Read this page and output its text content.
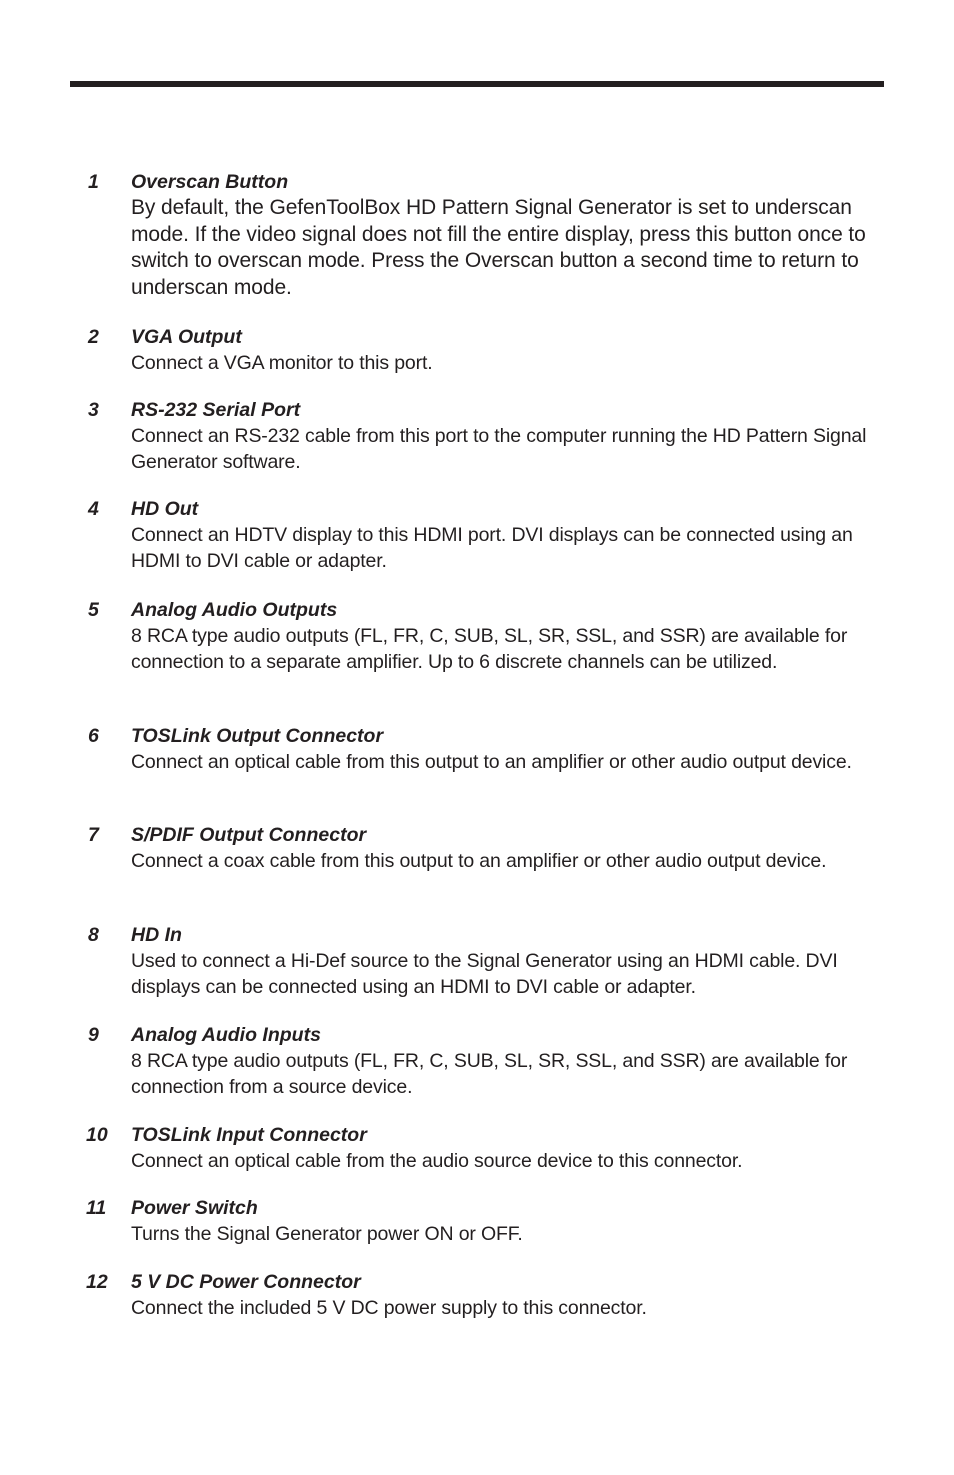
1 Overscan Button
By default, the GefenToolBox HD Pattern Signal Generator is set to underscan mode. If the video signal does not fill the entire display, press this button once to switch to overscan mode. Press the Overscan button a second time to return to underscan mode.
2 VGA Output
Connect a VGA monitor to this port.
3 RS-232 Serial Port
Connect an RS-232 cable from this port to the computer running the HD Pattern Signal Generator software.
4 HD Out
Connect an HDTV display to this HDMI port. DVI displays can be connected using an HDMI to DVI cable or adapter.
5 Analog Audio Outputs
8 RCA type audio outputs (FL, FR, C, SUB, SL, SR, SSL, and SSR) are available for connection to a separate amplifier. Up to 6 discrete channels can be utilized.
6 TOSLink Output Connector
Connect an optical cable from this output to an amplifier or other audio output device.
7 S/PDIF Output Connector
Connect a coax cable from this output to an amplifier or other audio output device.
8 HD In
Used to connect a Hi-Def source to the Signal Generator using an HDMI cable. DVI displays can be connected using an HDMI to DVI cable or adapter.
9 Analog Audio Inputs
8 RCA type audio outputs (FL, FR, C, SUB, SL, SR, SSL, and SSR) are available for connection from a source device.
10 TOSLink Input Connector
Connect an optical cable from the audio source device to this connector.
11 Power Switch
Turns the Signal Generator power ON or OFF.
12 5 V DC Power Connector
Connect the included 5 V DC power supply to this connector.
